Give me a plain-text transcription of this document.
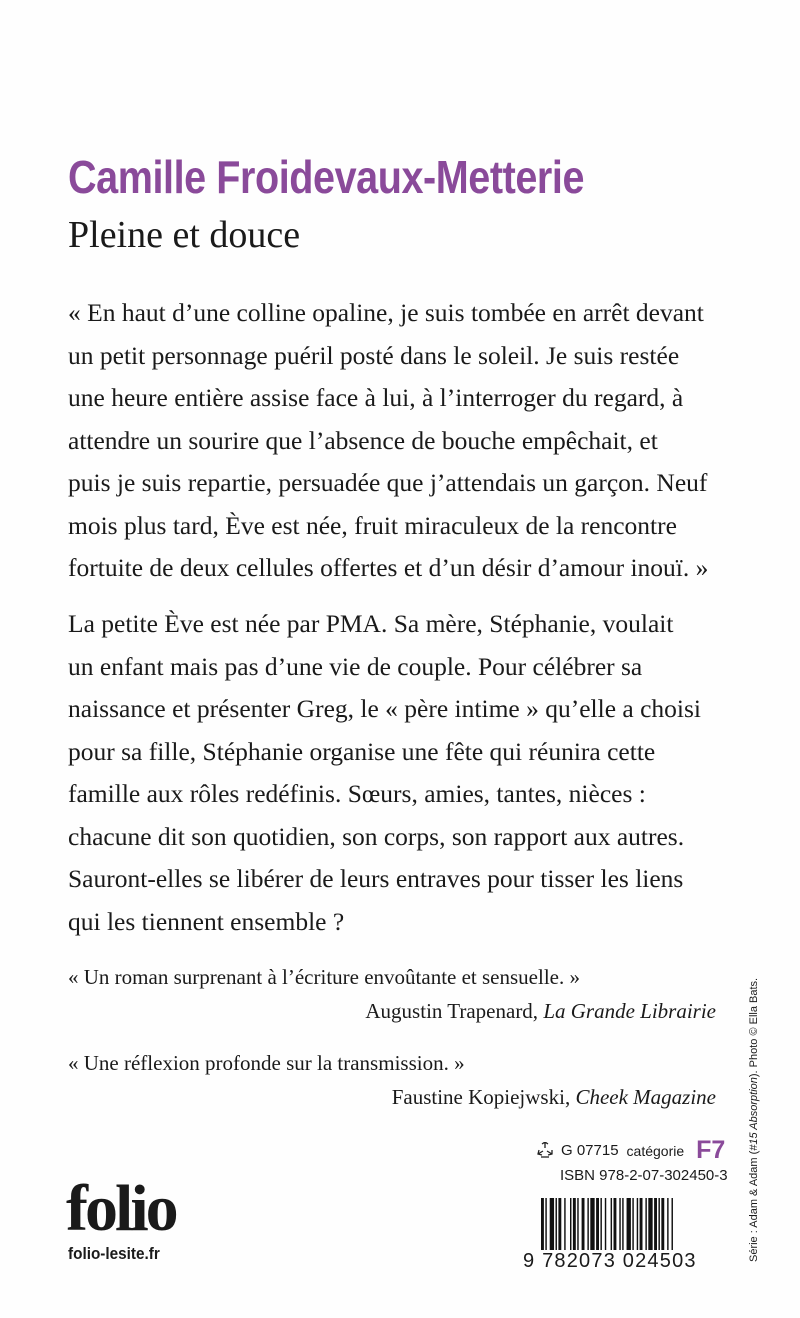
Camille Froidevaux-Metterie
Pleine et douce

« En haut d’une colline opaline, je suis tombée en arrêt devant
un petit personnage puéril posté dans le soleil. Je suis restée
une heure entière assise face à lui, à l’interroger du regard, à
attendre un sourire que l’absence de bouche empêchait, et
puis je suis repartie, persuadée que j’attendais un garçon. Neuf
mois plus tard, Ève est née, fruit miraculeux de la rencontre
fortuite de deux cellules offertes et d’un désir d’amour inouï. »

La petite Ève est née par PMA. Sa mère, Stéphanie, voulait
un enfant mais pas d’une vie de couple. Pour célébrer sa
naissance et présenter Greg, le « père intime » qu’elle a choisi
pour sa fille, Stéphanie organise une fête qui réunira cette
famille aux rôles redéfinis. Sœurs, amies, tantes, nièces :
chacune dit son quotidien, son corps, son rapport aux autres.
Sauront-elles se libérer de leurs entraves pour tisser les liens
qui les tiennent ensemble ?

« Un roman surprenant à l’écriture envoûtante et sensuelle. »
Augustin Trapenard, La Grande Librairie
« Une réflexion profonde sur la transmission. »
Faustine Kopiejwski, Cheek Magazine
folio
folio-lesite.fr
G 07715 catégorie F7
ISBN 978-2-07-302450-3
9 782073 024503	Série : Adam & Adam (#15 Absorption). Photo © Ella Bats.
